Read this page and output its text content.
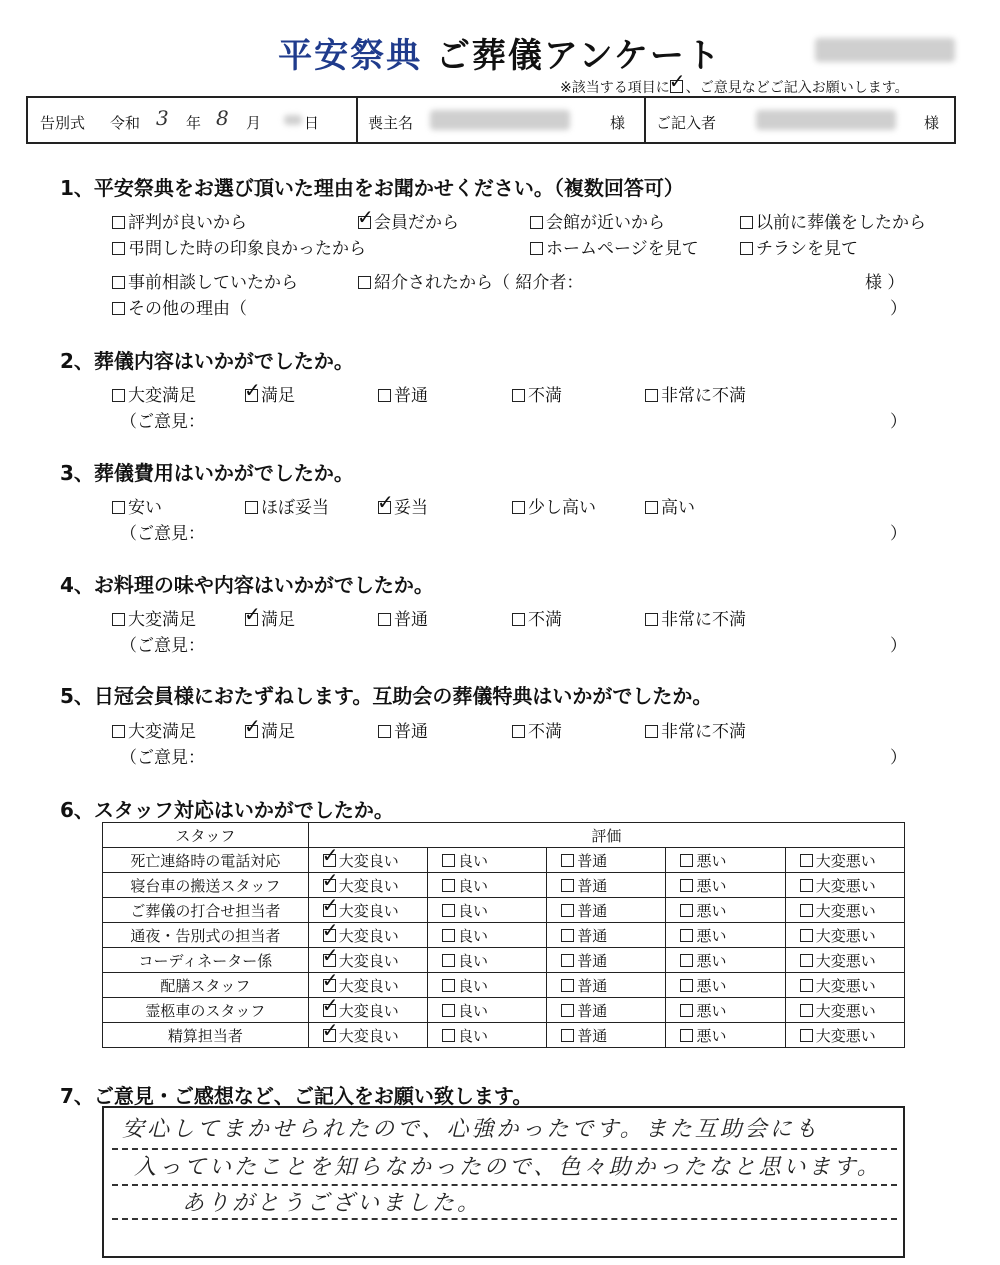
平安祭典 ご葬儀アンケート
※該当する項目に ✓ 、ご意見などご記入お願いします。
告別式 令和 3 年 8 月	日	喪主名	様 ご記入者	様
1、平安祭典をお選び頂いた理由をお聞かせください。（複数回答可）
様 ）
）
2、葬儀内容はいかがでしたか。
3、葬儀費用はいかがでしたか。
4、お料理の味や内容はいかがでしたか。
5、日冠会員様におたずねします。互助会の葬儀特典はいかがでしたか。
6、スタッフ対応はいかがでしたか。
スタッフ	評価				
死亡連絡時の電話対応	✓ 大変良い	良い	普通	悪い	大変悪い
寝台車の搬送スタッフ	✓ 大変良い	良い	普通	悪い	大変悪い
ご葬儀の打合せ担当者	✓ 大変良い	良い	普通	悪い	大変悪い
通夜・告別式の担当者	✓ 大変良い	良い	普通	悪い	大変悪い
コーディネーター係	✓ 大変良い	良い	普通	悪い	大変悪い
配膳スタッフ	✓ 大変良い	良い	普通	悪い	大変悪い
霊柩車のスタッフ	✓ 大変良い	良い	普通	悪い	大変悪い
精算担当者	✓ 大変良い	良い	普通	悪い	大変悪い
7、ご意見・ご感想など、ご記入をお願い致します。
安心してまかせられたので、心強かったです。また互助会にも
入っていたことを知らなかったので、色々助かったなと思います。
ありがとうございました。
評判が良いから	✓ 会員だから	会館が近いから	以前に葬儀をしたから
弔問した時の印象良かったから	ホームページを見て	チラシを見て
事前相談していたから	紹介されたから（ 紹介者：
その他の理由（
大変満足 ✓ 満足	普通	不満	非常に不満
（ご意見：	）
安い	ほぼ妥当 ✓ 妥当	少し高い	高い
（ご意見：	）
大変満足 ✓ 満足	普通	不満	非常に不満
（ご意見：	）
大変満足 ✓ 満足	普通	不満	非常に不満
（ご意見：	）
